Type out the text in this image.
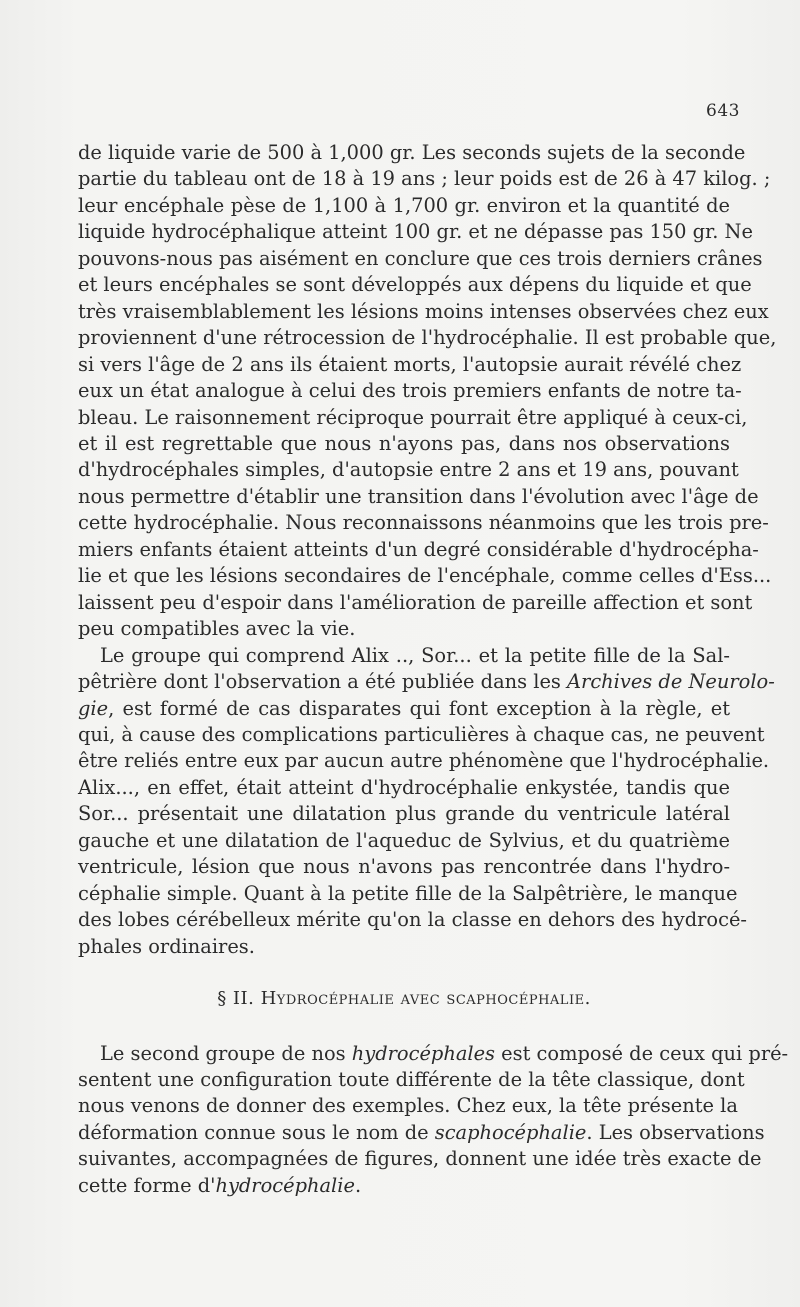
643

de liquide varie de 500 à 1,000 gr. Les seconds sujets de la seconde
partie du tableau ont de 18 à 19 ans ; leur poids est de 26 à 47 kilog. ;
leur encéphale pèse de 1,100 à 1,700 gr. environ et la quantité de
liquide hydrocéphalique atteint 100 gr. et ne dépasse pas 150 gr. Ne
pouvons-nous pas aisément en conclure que ces trois derniers crânes
et leurs encéphales se sont développés aux dépens du liquide et que
très vraisemblablement les lésions moins intenses observées chez eux
proviennent d'une rétrocession de l'hydrocéphalie. Il est probable que,
si vers l'âge de 2 ans ils étaient morts, l'autopsie aurait révélé chez
eux un état analogue à celui des trois premiers enfants de notre ta-
bleau. Le raisonnement réciproque pourrait être appliqué à ceux-ci,
et il est regrettable que nous n'ayons pas, dans nos observations
d'hydrocéphales simples, d'autopsie entre 2 ans et 19 ans, pouvant
nous permettre d'établir une transition dans l'évolution avec l'âge de
cette hydrocéphalie. Nous reconnaissons néanmoins que les trois pre-
miers enfants étaient atteints d'un degré considérable d'hydrocépha-
lie et que les lésions secondaires de l'encéphale, comme celles d'Ess...
laissent peu d'espoir dans l'amélioration de pareille affection et sont
peu compatibles avec la vie.

Le groupe qui comprend Alix .., Sor... et la petite fille de la Sal-
pêtrière dont l'observation a été publiée dans les Archives de Neurolo-
gie, est formé de cas disparates qui font exception à la règle, et
qui, à cause des complications particulières à chaque cas, ne peuvent
être reliés entre eux par aucun autre phénomène que l'hydrocéphalie.
Alix..., en effet, était atteint d'hydrocéphalie enkystée, tandis que
Sor... présentait une dilatation plus grande du ventricule latéral
gauche et une dilatation de l'aqueduc de Sylvius, et du quatrième
ventricule, lésion que nous n'avons pas rencontrée dans l'hydro-
céphalie simple. Quant à la petite fille de la Salpêtrière, le manque
des lobes cérébelleux mérite qu'on la classe en dehors des hydrocé-
phales ordinaires.

§ II. Hydrocéphalie avec scaphocéphalie.

Le second groupe de nos hydrocéphales est composé de ceux qui pré-
sentent une configuration toute différente de la tête classique, dont
nous venons de donner des exemples. Chez eux, la tête présente la
déformation connue sous le nom de scaphocéphalie. Les observations
suivantes, accompagnées de figures, donnent une idée très exacte de
cette forme d'hydrocéphalie.
